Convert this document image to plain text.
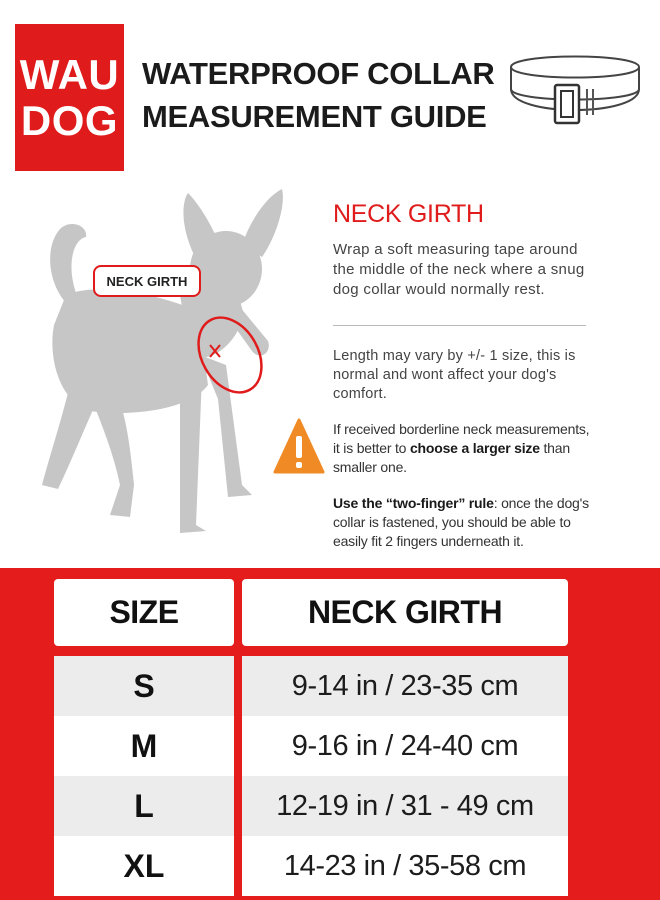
WAU
DOG
WATERPROOF COLLAR
MEASUREMENT GUIDE
NECK GIRTH
NECK GIRTH
Wrap a soft measuring tape around the middle of the neck where a snug dog collar would normally rest.
Length may vary by +/- 1 size, this is normal and wont affect your dog's comfort.
If received borderline neck measurements, it is better to choose a larger size than smaller one.
Use the “two-finger” rule: once the dog's collar is fastened, you should be able to easily fit 2 fingers underneath it.
SIZE	NECK GIRTH
S	9-14 in / 23-35 cm
M	9-16 in / 24-40 cm
L	12-19 in / 31 - 49 cm
XL	14-23 in / 35-58 cm
